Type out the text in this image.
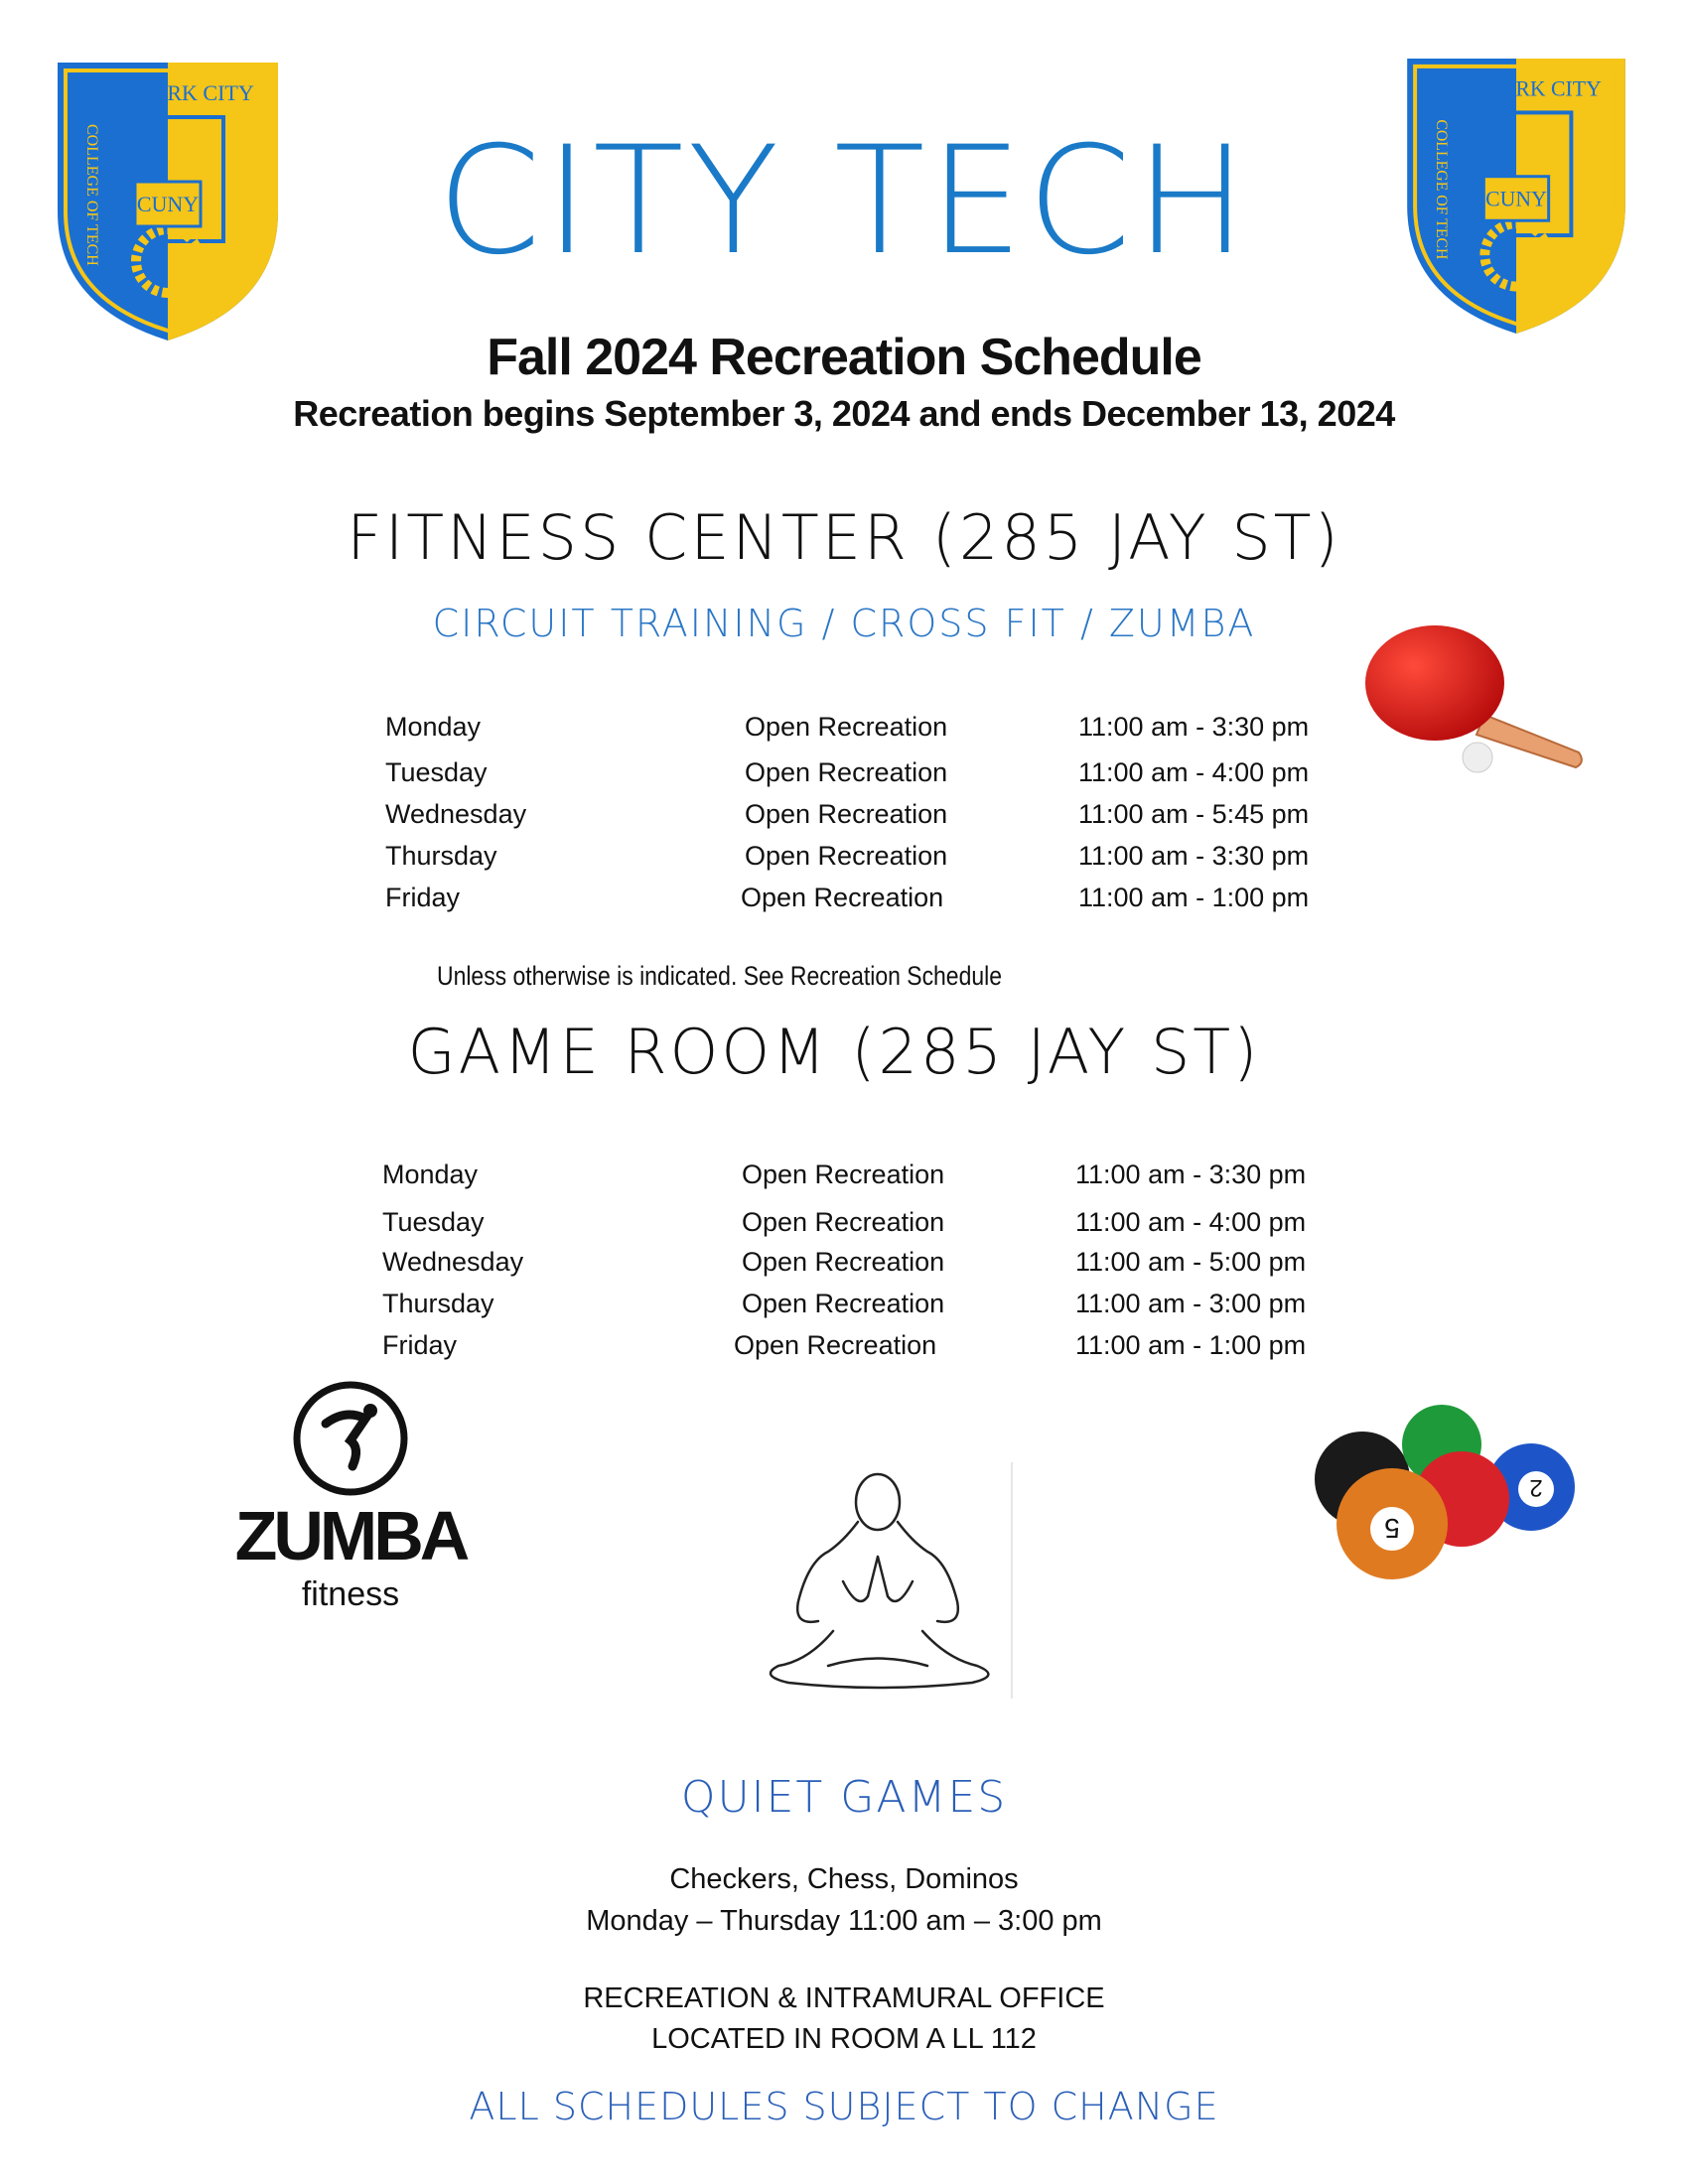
CUNY
NEW YORK CITY
COLLEGE OF TECH	CUNY
NEW YORK CITY
COLLEGE OF TECH
CITY TECH
Fall 2024 Recreation Schedule
Recreation begins September 3, 2024 and ends December 13, 2024
FITNESS CENTER (285 JAY ST)
CIRCUIT TRAINING / CROSS FIT / ZUMBA
Monday	Open Recreation	11:00 am - 3:30 pm
Tuesday	Open Recreation	11:00 am - 4:00 pm
Wednesday	Open Recreation	11:00 am - 5:45 pm
Thursday	Open Recreation	11:00 am - 3:30 pm
Friday	Open Recreation	11:00 am - 1:00 pm
Unless otherwise is indicated. See Recreation Schedule
GAME ROOM (285 JAY ST)
Monday	Open Recreation	11:00 am - 3:30 pm
Tuesday	Open Recreation	11:00 am - 4:00 pm
Wednesday	Open Recreation	11:00 am - 5:00 pm
Thursday	Open Recreation	11:00 am - 3:00 pm
Friday	Open Recreation	11:00 am - 1:00 pm
ZUMBA
fitness
5
2
QUIET GAMES
Checkers, Chess, Dominos
Monday – Thursday 11:00 am – 3:00 pm
RECREATION & INTRAMURAL OFFICE
LOCATED IN ROOM A LL 112
ALL SCHEDULES SUBJECT TO CHANGE
